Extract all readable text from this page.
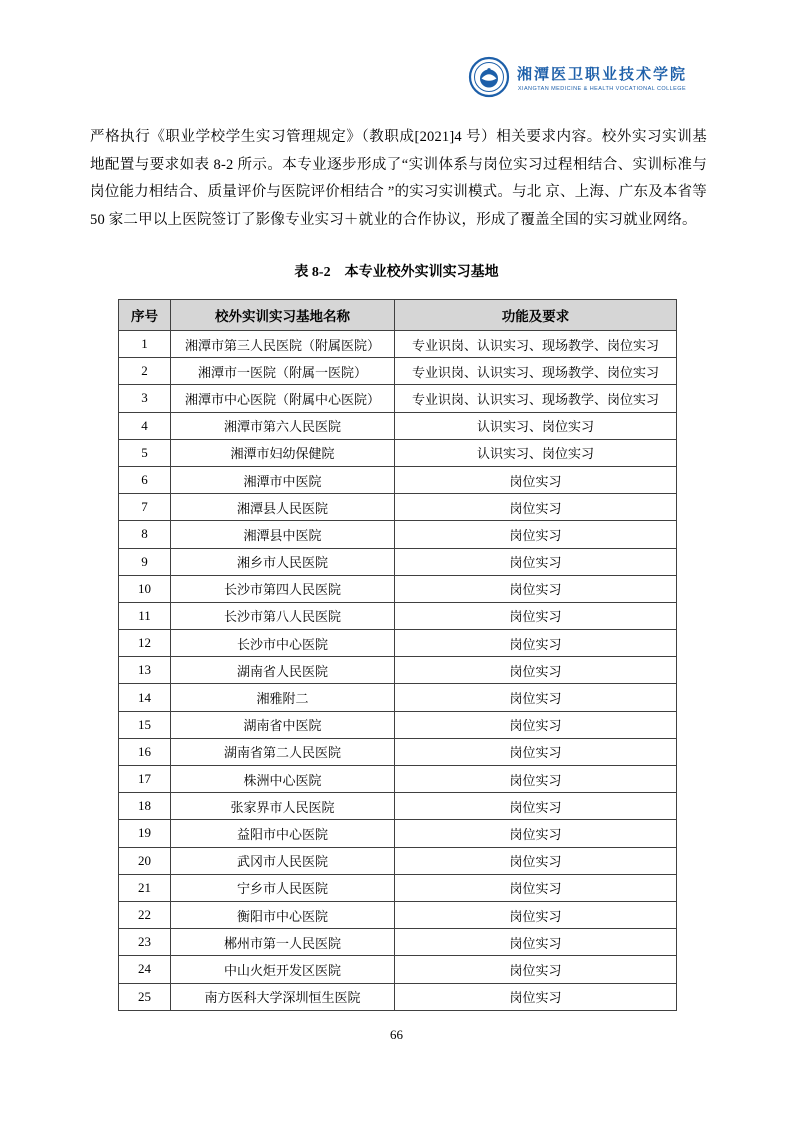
湘潭医卫职业技术学院
XIANGTAN MEDICINE & HEALTH VOCATIONAL COLLEGE

严格执行《职业学校学生实习管理规定》（教职成[2021]4 号）相关要求内容。校外实习实训基地配置与要求如表 8-2 所示。本专业逐步形成了“实训体系与岗位实习过程相结合、实训标准与岗位能力相结合、质量评价与医院评价相结合 ”的实习实训模式。与北 京、上海、广东及本省等 50 家二甲以上医院签订了影像专业实习＋就业的合作协议，形成了覆盖全国的实习就业网络。

表 8-2　本专业校外实训实习基地
序号	校外实训实习基地名称	功能及要求
1	湘潭市第三人民医院（附属医院）	专业识岗、认识实习、现场教学、岗位实习
2	湘潭市一医院（附属一医院）	专业识岗、认识实习、现场教学、岗位实习
3	湘潭市中心医院（附属中心医院）	专业识岗、认识实习、现场教学、岗位实习
4	湘潭市第六人民医院	认识实习、岗位实习
5	湘潭市妇幼保健院	认识实习、岗位实习
6	湘潭市中医院	岗位实习
7	湘潭县人民医院	岗位实习
8	湘潭县中医院	岗位实习
9	湘乡市人民医院	岗位实习
10	长沙市第四人民医院	岗位实习
11	长沙市第八人民医院	岗位实习
12	长沙市中心医院	岗位实习
13	湖南省人民医院	岗位实习
14	湘雅附二	岗位实习
15	湖南省中医院	岗位实习
16	湖南省第二人民医院	岗位实习
17	株洲中心医院	岗位实习
18	张家界市人民医院	岗位实习
19	益阳市中心医院	岗位实习
20	武冈市人民医院	岗位实习
21	宁乡市人民医院	岗位实习
22	衡阳市中心医院	岗位实习
23	郴州市第一人民医院	岗位实习
24	中山火炬开发区医院	岗位实习
25	南方医科大学深圳恒生医院	岗位实习
66
